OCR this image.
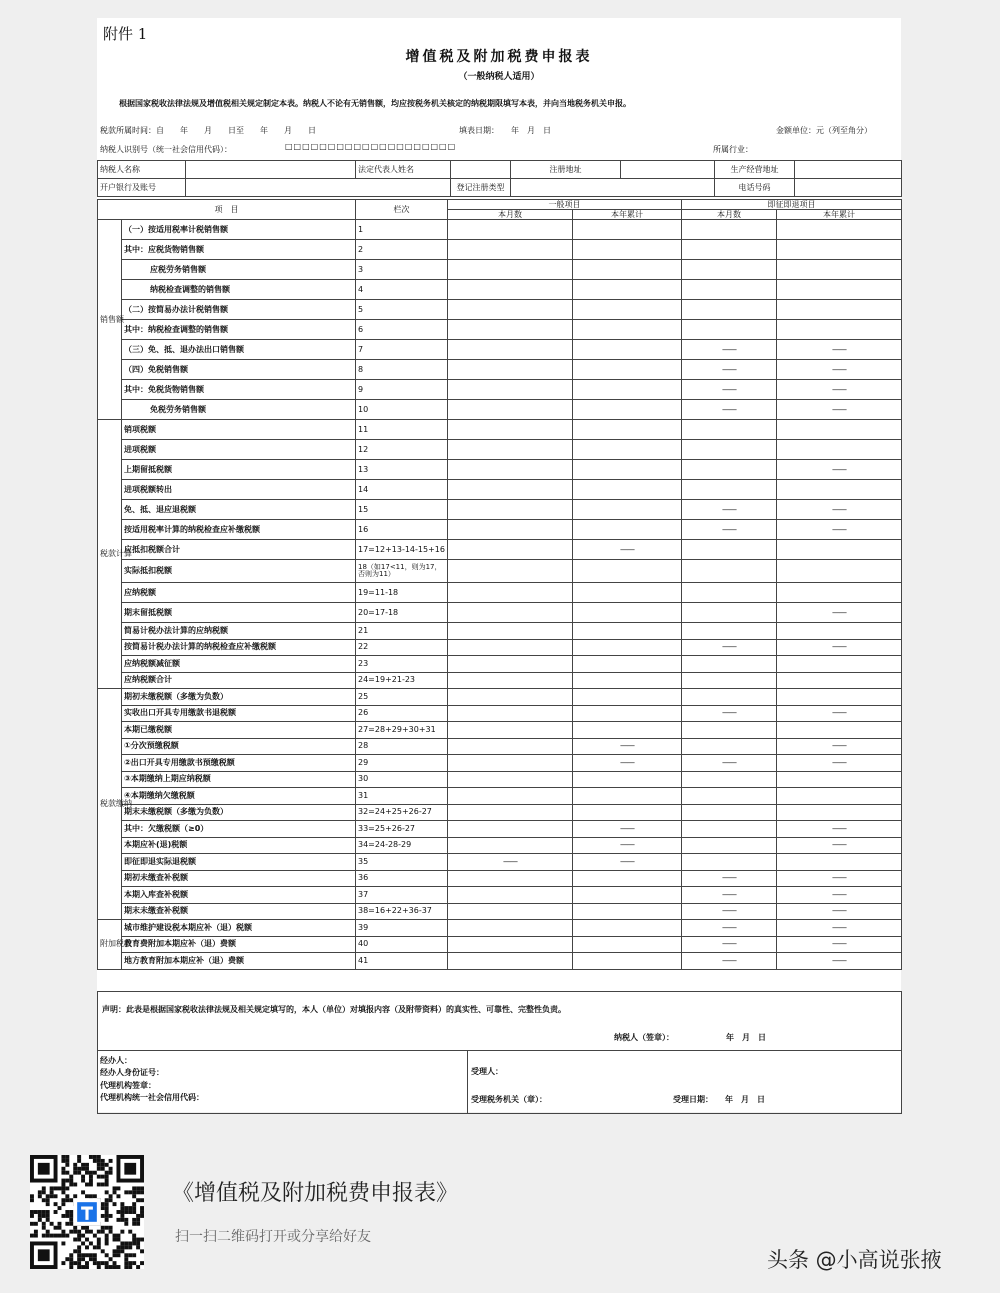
附件 1
增值税及附加税费申报表
（一般纳税人适用）
根据国家税收法律法规及增值税相关规定制定本表。纳税人不论有无销售额，均应按税务机关核定的纳税期限填写本表，并向当地税务机关申报。
税款所属时间：自　　年　　月　　日至　　年　　月　　日	填表日期：　　年　月　日	金额单位：元（列至角分）
纳税人识别号（统一社会信用代码）：	□□□□□□□□□□□□□□□□□□□□	所属行业：
纳税人名称		法定代表人姓名		注册地址		生产经营地址	
开户银行及账号			登记注册类型			电话号码	
项　目		栏次	一般项目		即征即退项目	
			本月数	本年累计	本月数	本年累计
销售额	（一）按适用税率计税销售额	1				
	其中：应税货物销售额	2				
	应税劳务销售额	3				
	纳税检查调整的销售额	4				
	（二）按简易办法计税销售额	5				
	其中：纳税检查调整的销售额	6				
	（三）免、抵、退办法出口销售额	7			——	——
	（四）免税销售额	8			——	——
	其中：免税货物销售额	9			——	——
	免税劳务销售额	10			——	——
税款计算	销项税额	11				
	进项税额	12				
	上期留抵税额	13				——
	进项税额转出	14				
	免、抵、退应退税额	15			——	——
	按适用税率计算的纳税检查应补缴税额	16			——	——
	应抵扣税额合计	17=12+13-14-15+16		——		
	实际抵扣税额	18（如17<11，则为17，否则为11）				
	应纳税额	19=11-18				
	期末留抵税额	20=17-18				——
	简易计税办法计算的应纳税额	21				
	按简易计税办法计算的纳税检查应补缴税额	22			——	——
	应纳税额减征额	23				
	应纳税额合计	24=19+21-23				
税款缴纳	期初未缴税额（多缴为负数）	25				
	实收出口开具专用缴款书退税额	26			——	——
	本期已缴税额	27=28+29+30+31				
	①分次预缴税额	28		——		——
	②出口开具专用缴款书预缴税额	29		——	——	——
	③本期缴纳上期应纳税额	30				
	④本期缴纳欠缴税额	31				
	期末未缴税额（多缴为负数）	32=24+25+26-27				
	其中：欠缴税额（≥0）	33=25+26-27		——		——
	本期应补(退)税额	34=24-28-29		——		——
	即征即退实际退税额	35	——	——		
	期初未缴查补税额	36			——	——
	本期入库查补税额	37			——	——
	期末未缴查补税额	38=16+22+36-37			——	——
附加税费	城市维护建设税本期应补（退）税额	39			——	——
	教育费附加本期应补（退）费额	40			——	——
	地方教育附加本期应补（退）费额	41			——	——
声明：此表是根据国家税收法律法规及相关规定填写的，本人（单位）对填报内容（及附带资料）的真实性、可靠性、完整性负责。
纳税人（签章）：　　　　　　　年　月　日

经办人：
经办人身份证号：
代理机构签章：
代理机构统一社会信用代码：

受理人：
受理税务机关（章）：	受理日期：　　年　月　日
《增值税及附加税费申报表》
扫一扫二维码打开或分享给好友
头条 @小高说张掖
